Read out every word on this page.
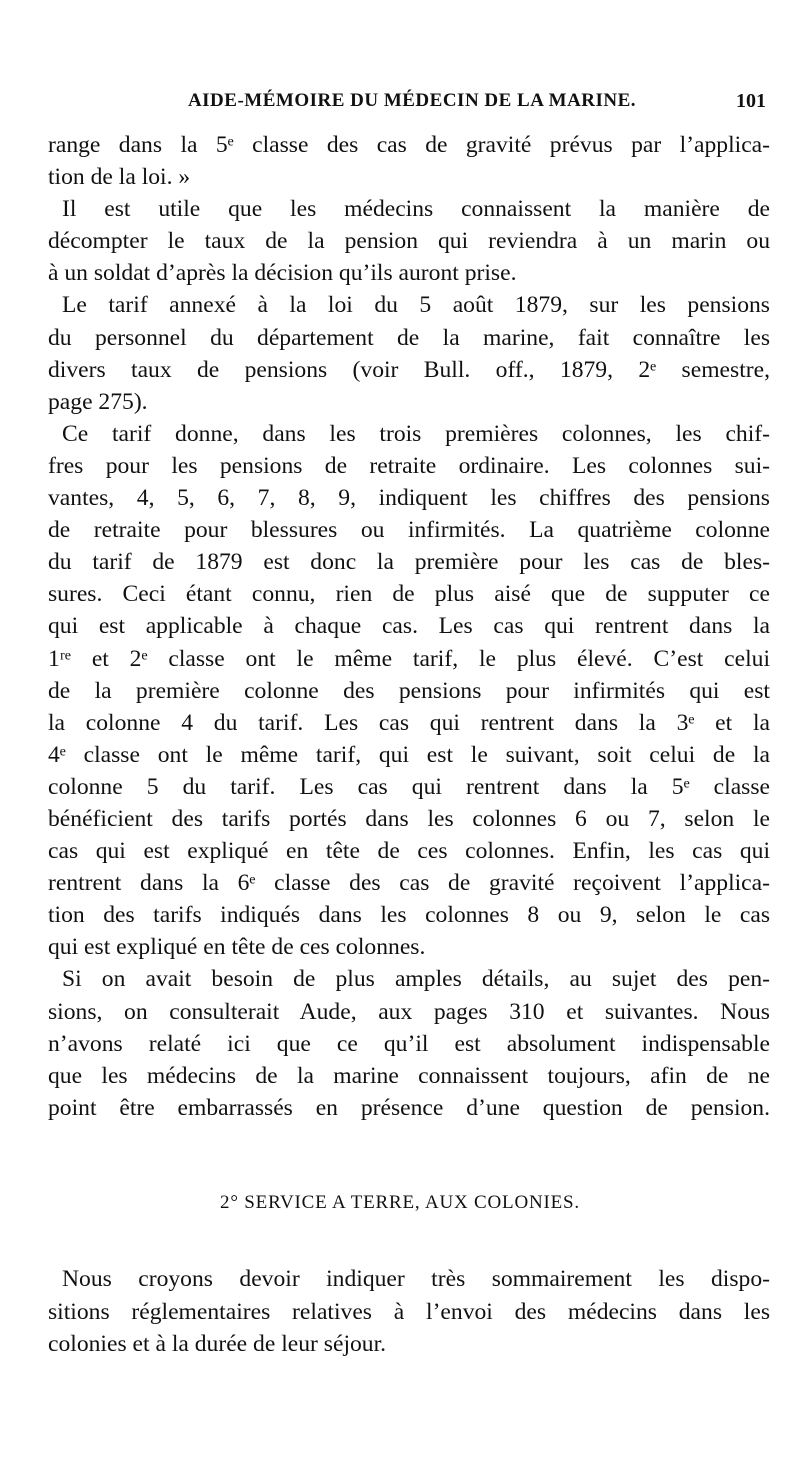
AIDE-MÉMOIRE DU MÉDECIN DE LA MARINE.	101
range dans la 5ᵉ classe des cas de gravité prévus par l’applica-
tion de la loi. »
Il est utile que les médecins connaissent la manière de
décompter le taux de la pension qui reviendra à un marin ou
à un soldat d’après la décision qu’ils auront prise.
Le tarif annexé à la loi du 5 août 1879, sur les pensions
du personnel du département de la marine, fait connaître les
divers taux de pensions (voir Bull. off., 1879, 2ᵉ semestre,
page 275).
Ce tarif donne, dans les trois premières colonnes, les chif-
fres pour les pensions de retraite ordinaire. Les colonnes sui-
vantes, 4, 5, 6, 7, 8, 9, indiquent les chiffres des pensions
de retraite pour blessures ou infirmités. La quatrième colonne
du tarif de 1879 est donc la première pour les cas de bles-
sures. Ceci étant connu, rien de plus aisé que de supputer ce
qui est applicable à chaque cas. Les cas qui rentrent dans la
1ʳᵉ et 2ᵉ classe ont le même tarif, le plus élevé. C’est celui
de la première colonne des pensions pour infirmités qui est
la colonne 4 du tarif. Les cas qui rentrent dans la 3ᵉ et la
4ᵉ classe ont le même tarif, qui est le suivant, soit celui de la
colonne 5 du tarif. Les cas qui rentrent dans la 5ᵉ classe
bénéficient des tarifs portés dans les colonnes 6 ou 7, selon le
cas qui est expliqué en tête de ces colonnes. Enfin, les cas qui
rentrent dans la 6ᵉ classe des cas de gravité reçoivent l’applica-
tion des tarifs indiqués dans les colonnes 8 ou 9, selon le cas
qui est expliqué en tête de ces colonnes.
Si on avait besoin de plus amples détails, au sujet des pen-
sions, on consulterait Aude, aux pages 310 et suivantes. Nous
n’avons relaté ici que ce qu’il est absolument indispensable
que les médecins de la marine connaissent toujours, afin de ne
point être embarrassés en présence d’une question de pension.
2° SERVICE A TERRE, AUX COLONIES.
Nous croyons devoir indiquer très sommairement les dispo-
sitions réglementaires relatives à l’envoi des médecins dans les
colonies et à la durée de leur séjour.
